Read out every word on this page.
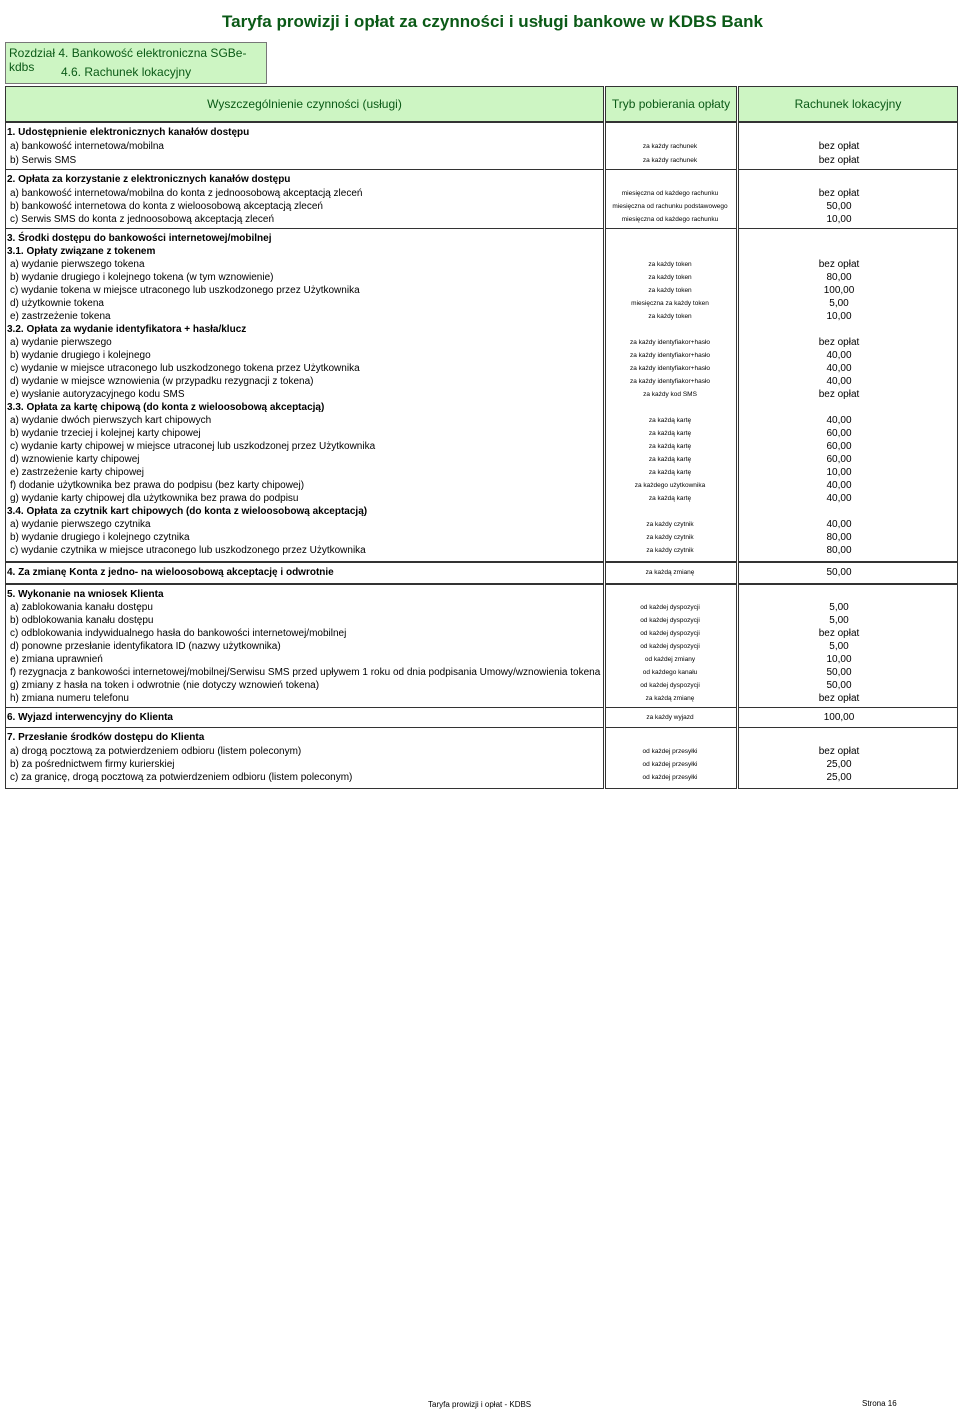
Taryfa prowizji i opłat za czynności i usługi bankowe w KDBS Bank
Rozdział 4. Bankowość elektroniczna SGBe-kdbs	4.6. Rachunek lokacyjny
Wyszczególnienie czynności (usługi)	Tryb pobierania opłaty	Rachunek lokacyjny
1. Udostępnienie elektronicznych kanałów dostępu
a) bankowość internetowa/mobilna	za każdy rachunek	bez opłat
b) Serwis SMS	za każdy rachunek	bez opłat
2. Opłata za korzystanie z elektronicznych kanałów dostępu
a) bankowość internetowa/mobilna do konta z jednoosobową akceptacją zleceń	miesięczna od każdego rachunku	bez opłat
b) bankowość internetowa do konta z wieloosobową akceptacją zleceń	miesięczna od rachunku podstawowego	50,00
c) Serwis SMS do konta z jednoosobową akceptacją zleceń	miesięczna od każdego rachunku	10,00
3. Środki dostępu do bankowości internetowej/mobilnej
3.1. Opłaty związane z tokenem
a) wydanie pierwszego tokena	za każdy token	bez opłat
b) wydanie drugiego i kolejnego tokena (w tym wznowienie)	za każdy token	80,00
c) wydanie tokena w miejsce utraconego lub uszkodzonego przez Użytkownika	za każdy token	100,00
d) użytkownie tokena	miesięczna za każdy token	5,00
e) zastrzeżenie tokena	za każdy token	10,00
3.2. Opłata za wydanie identyfikatora + hasła/klucz
a) wydanie pierwszego	za każdy identyfiakor+hasło	bez opłat
b) wydanie drugiego i kolejnego	za każdy identyfiakor+hasło	40,00
c) wydanie w miejsce utraconego lub uszkodzonego tokena przez Użytkownika	za każdy identyfiakor+hasło	40,00
d) wydanie w miejsce wznowienia (w przypadku rezygnacji z tokena)	za każdy identyfiakor+hasło	40,00
e) wysłanie autoryzacyjnego kodu SMS	za każdy kod SMS	bez opłat
3.3. Opłata za kartę chipową (do konta z wieloosobową akceptacją)
a) wydanie dwóch pierwszych kart chipowych	za każdą kartę	40,00
b) wydanie trzeciej i kolejnej karty chipowej	za każdą kartę	60,00
c) wydanie karty chipowej w miejsce utraconej lub uszkodzonej przez Użytkownika	za każdą kartę	60,00
d) wznowienie karty chipowej	za każdą kartę	60,00
e) zastrzeżenie karty chipowej	za każdą kartę	10,00
f) dodanie użytkownika bez prawa do podpisu (bez karty chipowej)	za każdego użytkownika	40,00
g) wydanie karty chipowej dla użytkownika bez prawa do podpisu	za każdą kartę	40,00
3.4. Opłata za czytnik kart chipowych (do konta z wieloosobową akceptacją)
a) wydanie pierwszego czytnika	za każdy czytnik	40,00
b) wydanie drugiego i kolejnego czytnika	za każdy czytnik	80,00
c) wydanie czytnika w miejsce utraconego lub uszkodzonego przez Użytkownika	za każdy czytnik	80,00
4. Za zmianę Konta z jedno- na wieloosobową akceptację i odwrotnie	za każdą zmianę	50,00
5. Wykonanie na wniosek Klienta
a) zablokowania kanału dostępu	od każdej dyspozycji	5,00
b) odblokowania kanału dostępu	od każdej dyspozycji	5,00
c) odblokowania indywidualnego hasła do bankowości internetowej/mobilnej	od każdej dyspozycji	bez opłat
d) ponowne przesłanie identyfikatora ID (nazwy użytkownika)	od każdej dyspozycji	5,00
e) zmiana uprawnień	od każdej zmiany	10,00
f) rezygnacja z bankowości internetowej/mobilnej/Serwisu SMS przed upływem 1 roku od dnia podpisania Umowy/wznowienia tokena	od każdego kanału	50,00
g) zmiany z hasła na token i odwrotnie (nie dotyczy wznowień tokena)	od każdej dyspozycji	50,00
h) zmiana numeru telefonu	za każdą zmianę	bez opłat
6. Wyjazd interwencyjny do Klienta	za każdy wyjazd	100,00
7. Przesłanie środków dostępu do Klienta
a) drogą pocztową za potwierdzeniem odbioru (listem poleconym)	od każdej przesyłki	bez opłat
b) za pośrednictwem firmy kurierskiej	od każdej przesyłki	25,00
c) za granicę, drogą pocztową za potwierdzeniem odbioru (listem poleconym)	od każdej przesyłki	25,00
Taryfa prowizji i opłat - KDBS	Strona 16
